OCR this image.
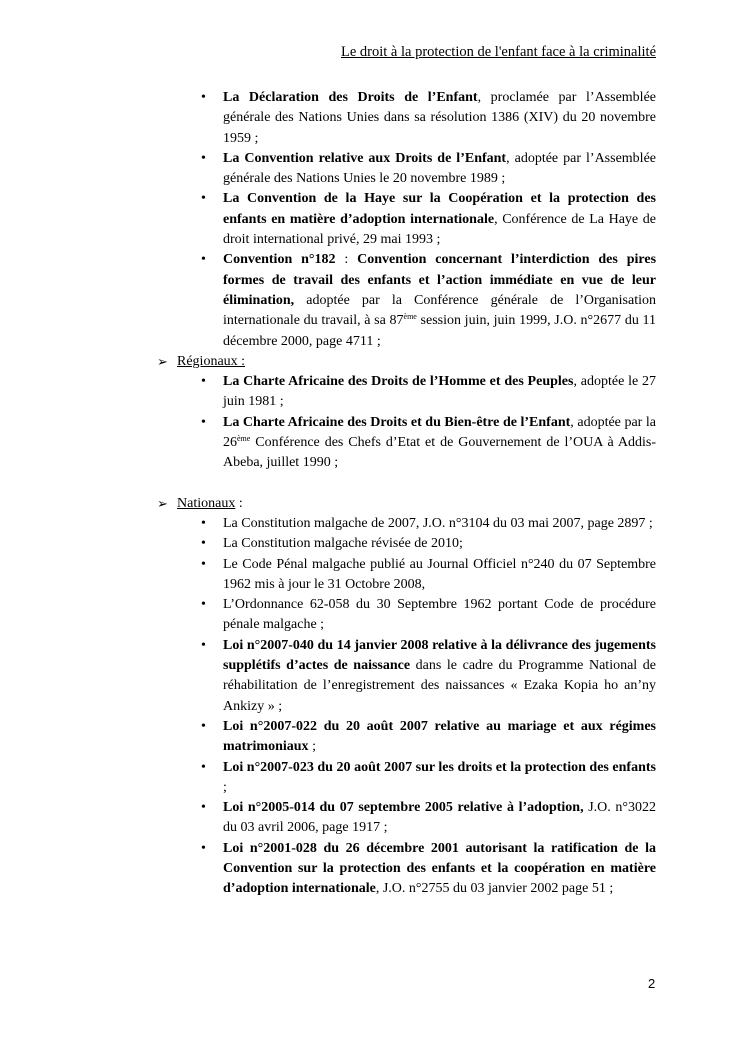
Le droit à la protection de l'enfant face à la criminalité
• La Déclaration des Droits de l’Enfant, proclamée par l’Assemblée générale des Nations Unies dans sa résolution 1386 (XIV) du 20 novembre 1959 ;

• La Convention relative aux Droits de l’Enfant, adoptée par l’Assemblée générale des Nations Unies le 20 novembre 1989 ;

• La Convention de la Haye sur la Coopération et la protection des enfants en matière d’adoption internationale, Conférence de La Haye de droit international privé, 29 mai 1993 ;

• Convention n°182 : Convention concernant l’interdiction des pires formes de travail des enfants et l’action immédiate en vue de leur élimination, adoptée par la Conférence générale de l’Organisation internationale du travail, à sa 87ème session juin, juin 1999, J.O. n°2677 du 11 décembre 2000, page 4711 ;

➢ Régionaux :
• La Charte Africaine des Droits de l’Homme et des Peuples, adoptée le 27 juin 1981 ;

• La Charte Africaine des Droits et du Bien-être de l’Enfant, adoptée par la 26ème Conférence des Chefs d’Etat et de Gouvernement de l’OUA à Addis-Abeba, juillet 1990 ;

➢ Nationaux :
• La Constitution malgache de 2007, J.O. n°3104 du 03 mai 2007, page 2897 ;

• La Constitution malgache révisée de 2010;

• Le Code Pénal malgache publié au Journal Officiel n°240 du 07 Septembre 1962 mis à jour le 31 Octobre 2008,

• L’Ordonnance 62-058 du 30 Septembre 1962 portant Code de procédure pénale malgache ;

• Loi n°2007-040 du 14 janvier 2008 relative à la délivrance des jugements supplétifs d’actes de naissance dans le cadre du Programme National de réhabilitation de l’enregistrement des naissances « Ezaka Kopia ho an’ny Ankizy » ;

• Loi n°2007-022 du 20 août 2007 relative au mariage et aux régimes matrimoniaux ;

• Loi n°2007-023 du 20 août 2007 sur les droits et la protection des enfants ;

• Loi n°2005-014 du 07 septembre 2005 relative à l’adoption, J.O. n°3022 du 03 avril 2006, page 1917 ;

• Loi n°2001-028 du 26 décembre 2001 autorisant la ratification de la Convention sur la protection des enfants et la coopération en matière d’adoption internationale, J.O. n°2755 du 03 janvier 2002 page 51 ;

2
